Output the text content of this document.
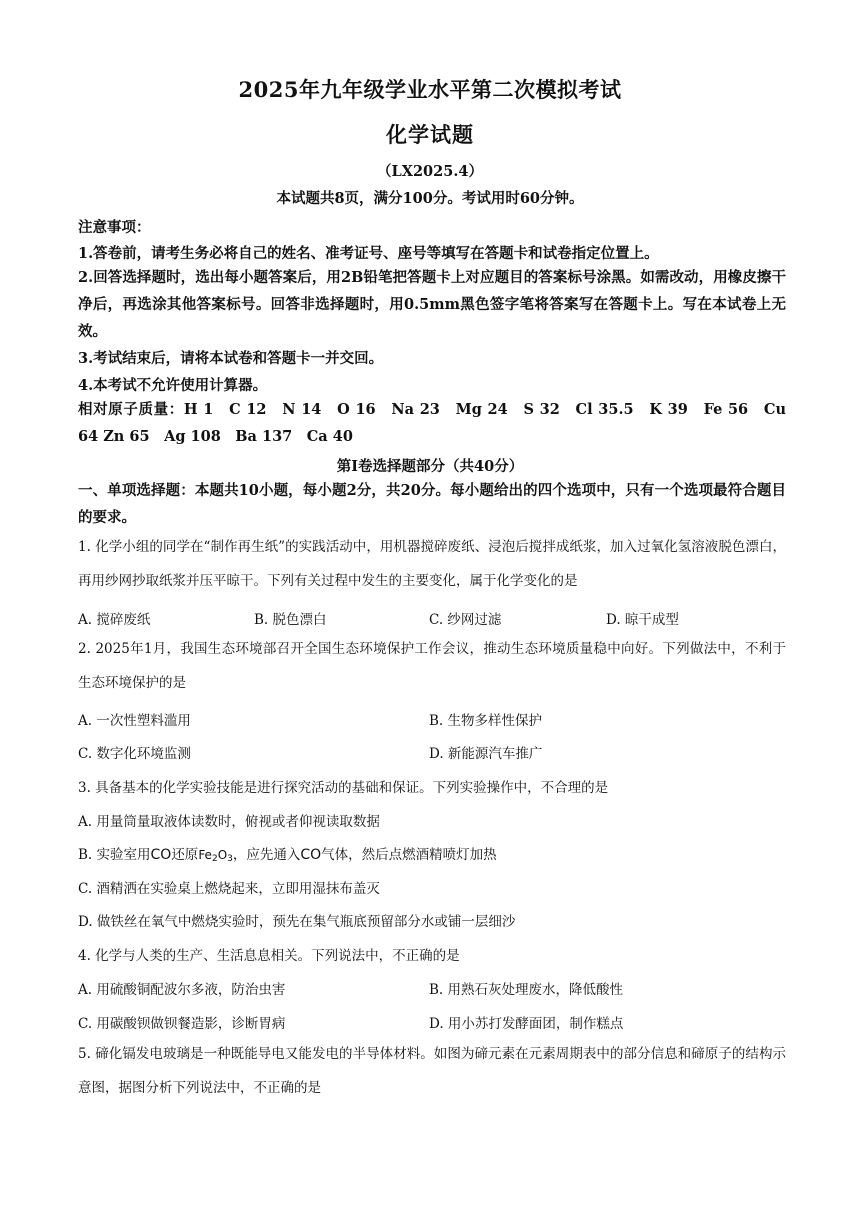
2025年九年级学业水平第二次模拟考试
化学试题
（LX2025.4）
本试题共8页，满分100分。考试用时60分钟。
注意事项：
1.答卷前，请考生务必将自己的姓名、准考证号、座号等填写在答题卡和试卷指定位置上。
2.回答选择题时，选出每小题答案后，用2B铅笔把答题卡上对应题目的答案标号涂黑。如需改动，用橡皮擦干净后，再选涂其他答案标号。回答非选择题时，用0.5mm黑色签字笔将答案写在答题卡上。写在本试卷上无效。
3.考试结束后，请将本试卷和答题卡一并交回。
4.本考试不允许使用计算器。
相对原子质量：H 1　C 12　N 14　O 16　Na 23　Mg 24　S 32　Cl 35.5　K 39　Fe 56　Cu 64 Zn 65　Ag 108　Ba 137　Ca 40
第Ⅰ卷选择题部分（共40分）
一、单项选择题：本题共10小题，每小题2分，共20分。每小题给出的四个选项中，只有一个选项最符合题目的要求。
1. 化学小组的同学在“制作再生纸”的实践活动中，用机器搅碎废纸、浸泡后搅拌成纸浆，加入过氧化氢溶液脱色漂白，再用纱网抄取纸浆并压平晾干。下列有关过程中发生的主要变化，属于化学变化的是
A. 搅碎废纸	B. 脱色漂白	C. 纱网过滤	D. 晾干成型
2. 2025年1月，我国生态环境部召开全国生态环境保护工作会议，推动生态环境质量稳中向好。下列做法中，不利于生态环境保护的是
A. 一次性塑料滥用	B. 生物多样性保护
C. 数字化环境监测	D. 新能源汽车推广
3. 具备基本的化学实验技能是进行探究活动的基础和保证。下列实验操作中，不合理的是
A. 用量筒量取液体读数时，俯视或者仰视读取数据
B. 实验室用CO还原$Fe_2O_3$，应先通入CO气体，然后点燃酒精喷灯加热
C. 酒精洒在实验桌上燃烧起来，立即用湿抹布盖灭
D. 做铁丝在氧气中燃烧实验时，预先在集气瓶底预留部分水或铺一层细沙
4. 化学与人类的生产、生活息息相关。下列说法中，不正确的是
A. 用硫酸铜配波尔多液，防治虫害	B. 用熟石灰处理废水，降低酸性
C. 用碳酸钡做钡餐造影，诊断胃病	D. 用小苏打发酵面团，制作糕点
5. 碲化镉发电玻璃是一种既能导电又能发电的半导体材料。如图为碲元素在元素周期表中的部分信息和碲原子的结构示意图，据图分析下列说法中，不正确的是
